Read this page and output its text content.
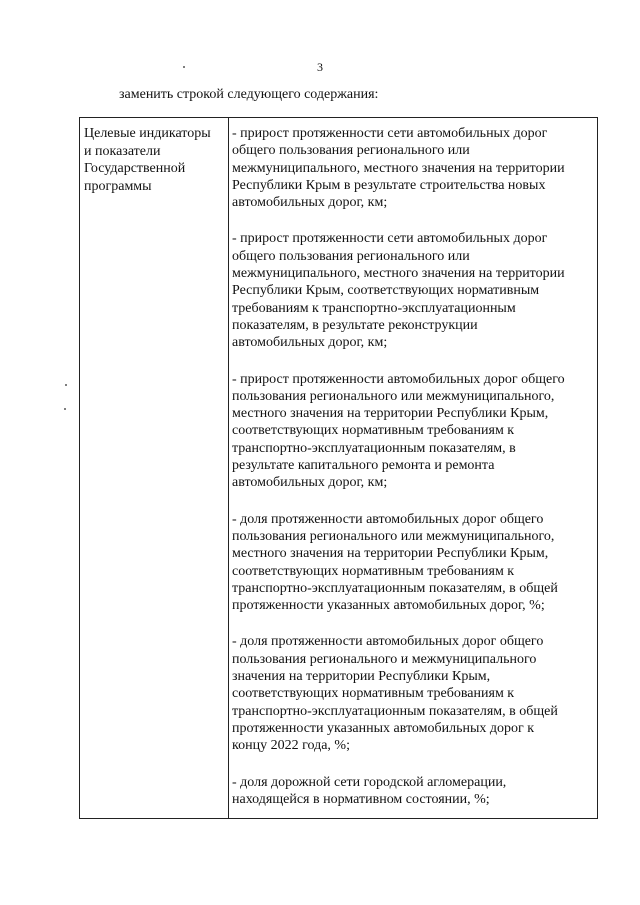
3
заменить строкой следующего содержания:
Целевые индикаторы
и показатели
Государственной
программы
- прирост протяженности сети автомобильных дорог
общего пользования регионального или
межмуниципального, местного значения на территории
Республики Крым в результате строительства новых
автомобильных дорог, км;
- прирост протяженности сети автомобильных дорог
общего пользования регионального или
межмуниципального, местного значения на территории
Республики Крым, соответствующих нормативным
требованиям к транспортно-эксплуатационным
показателям, в результате реконструкции
автомобильных дорог, км;
- прирост протяженности автомобильных дорог общего
пользования регионального или межмуниципального,
местного значения на территории Республики Крым,
соответствующих нормативным требованиям к
транспортно-эксплуатационным показателям, в
результате капитального ремонта и ремонта
автомобильных дорог, км;
- доля протяженности автомобильных дорог общего
пользования регионального или межмуниципального,
местного значения на территории Республики Крым,
соответствующих нормативным требованиям к
транспортно-эксплуатационным показателям, в общей
протяженности указанных автомобильных дорог, %;
- доля протяженности автомобильных дорог общего
пользования регионального и межмуниципального
значения на территории Республики Крым,
соответствующих нормативным требованиям к
транспортно-эксплуатационным показателям, в общей
протяженности указанных автомобильных дорог к
концу 2022 года, %;
- доля дорожной сети городской агломерации,
находящейся в нормативном состоянии, %;
